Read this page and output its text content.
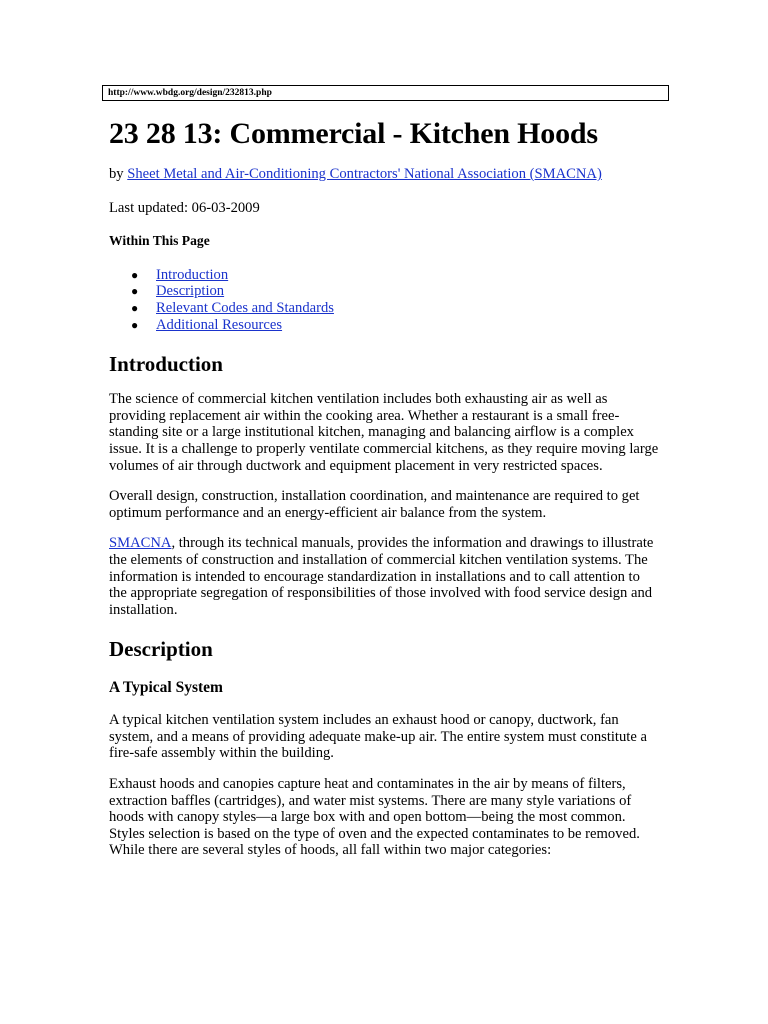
http://www.wbdg.org/design/232813.php
23 28 13: Commercial - Kitchen Hoods

by Sheet Metal and Air-Conditioning Contractors' National Association (SMACNA)

Last updated: 06-03-2009

Within This Page

● Introduction
● Description
● Relevant Codes and Standards
● Additional Resources
Introduction

The science of commercial kitchen ventilation includes both exhausting air as well as providing replacement air within the cooking area. Whether a restaurant is a small free-standing site or a large institutional kitchen, managing and balancing airflow is a complex issue. It is a challenge to properly ventilate commercial kitchens, as they require moving large volumes of air through ductwork and equipment placement in very restricted spaces.

Overall design, construction, installation coordination, and maintenance are required to get optimum performance and an energy-efficient air balance from the system.

SMACNA, through its technical manuals, provides the information and drawings to illustrate the elements of construction and installation of commercial kitchen ventilation systems. The information is intended to encourage standardization in installations and to call attention to the appropriate segregation of responsibilities of those involved with food service design and installation.

Description
A Typical System

A typical kitchen ventilation system includes an exhaust hood or canopy, ductwork, fan system, and a means of providing adequate make-up air. The entire system must constitute a fire-safe assembly within the building.

Exhaust hoods and canopies capture heat and contaminates in the air by means of filters, extraction baffles (cartridges), and water mist systems. There are many style variations of hoods with canopy styles—a large box with and open bottom—being the most common. Styles selection is based on the type of oven and the expected contaminates to be removed. While there are several styles of hoods, all fall within two major categories:
